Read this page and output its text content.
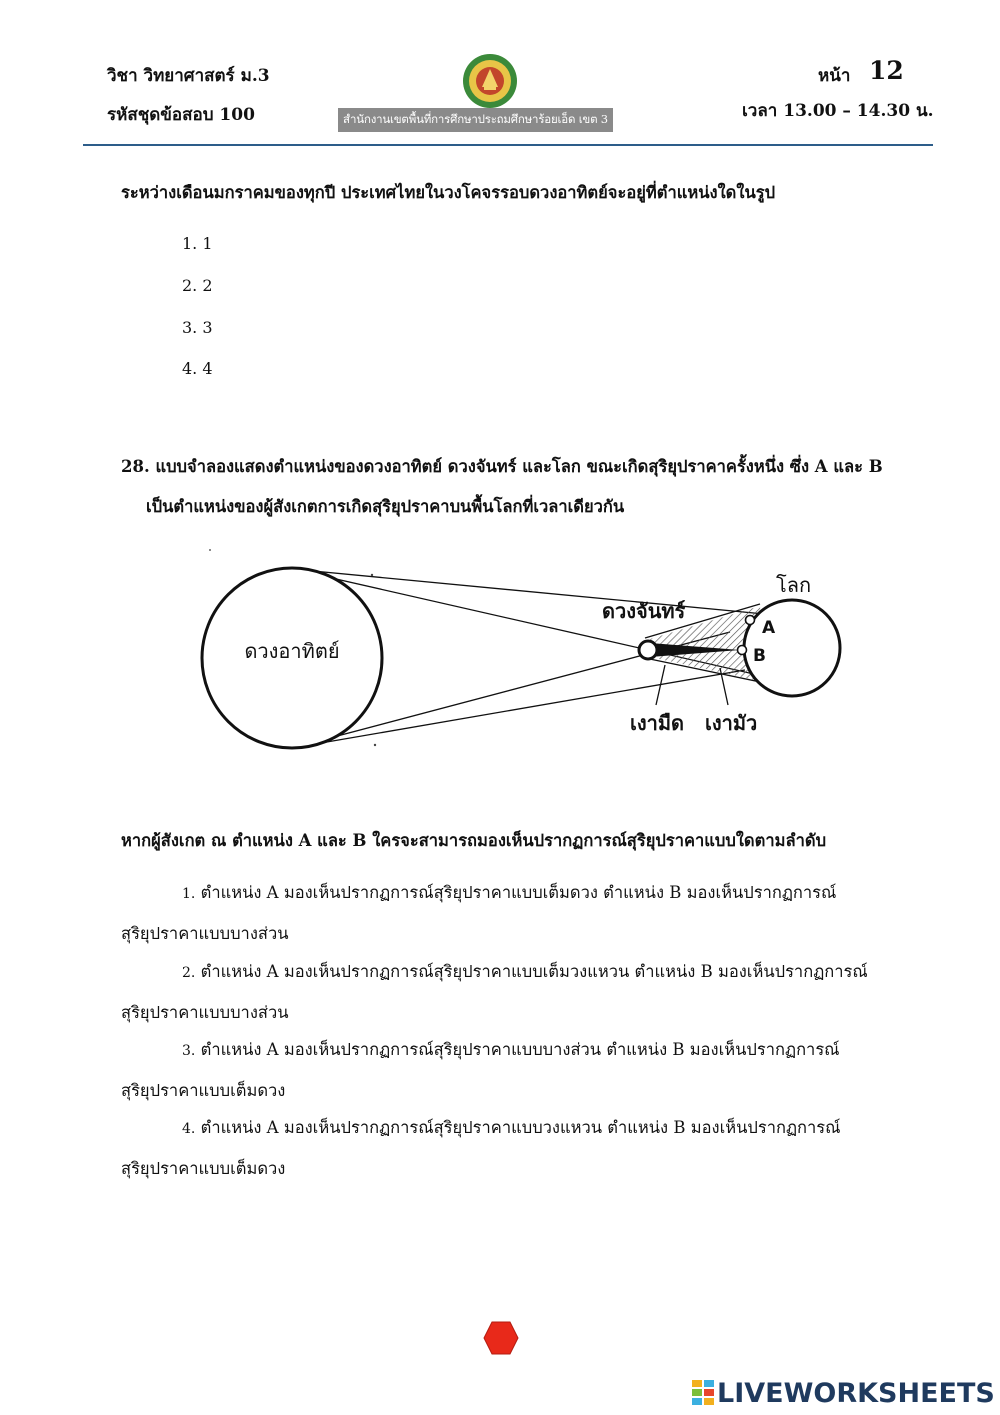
วิชา วิทยาศาสตร์ ม.3
รหัสชุดข้อสอบ 100	สำนักงานเขตพื้นที่การศึกษาประถมศึกษาร้อยเอ็ด เขต 3
หน้า 12
เวลา 13.00 – 14.30 น.
ระหว่างเดือนมกราคมของทุกปี ประเทศไทยในวงโคจรรอบดวงอาทิตย์จะอยู่ที่ตำแหน่งใดในรูป
1. 1
2. 2
3. 3
4. 4
28. แบบจำลองแสดงตำแหน่งของดวงอาทิตย์ ดวงจันทร์ และโลก ขณะเกิดสุริยุปราคาครั้งหนึ่ง ซึ่ง A และ B
เป็นตำแหน่งของผู้สังเกตการเกิดสุริยุปราคาบนพื้นโลกที่เวลาเดียวกัน
ดวงอาทิตย์
ดวงจันทร์
โลก
A
B
เงามืด เงามัว
หากผู้สังเกต ณ ตำแหน่ง A และ B ใครจะสามารถมองเห็นปรากฏการณ์สุริยุปราคาแบบใดตามลำดับ
1. ตำแหน่ง A มองเห็นปรากฏการณ์สุริยุปราคาแบบเต็มดวง ตำแหน่ง B มองเห็นปรากฏการณ์
สุริยุปราคาแบบบางส่วน
2. ตำแหน่ง A มองเห็นปรากฏการณ์สุริยุปราคาแบบเต็มวงแหวน ตำแหน่ง B มองเห็นปรากฏการณ์
สุริยุปราคาแบบบางส่วน
3. ตำแหน่ง A มองเห็นปรากฏการณ์สุริยุปราคาแบบบางส่วน ตำแหน่ง B มองเห็นปรากฏการณ์
สุริยุปราคาแบบเต็มดวง
4. ตำแหน่ง A มองเห็นปรากฏการณ์สุริยุปราคาแบบวงแหวน ตำแหน่ง B มองเห็นปรากฏการณ์
สุริยุปราคาแบบเต็มดวง
LIVEWORKSHEETS
